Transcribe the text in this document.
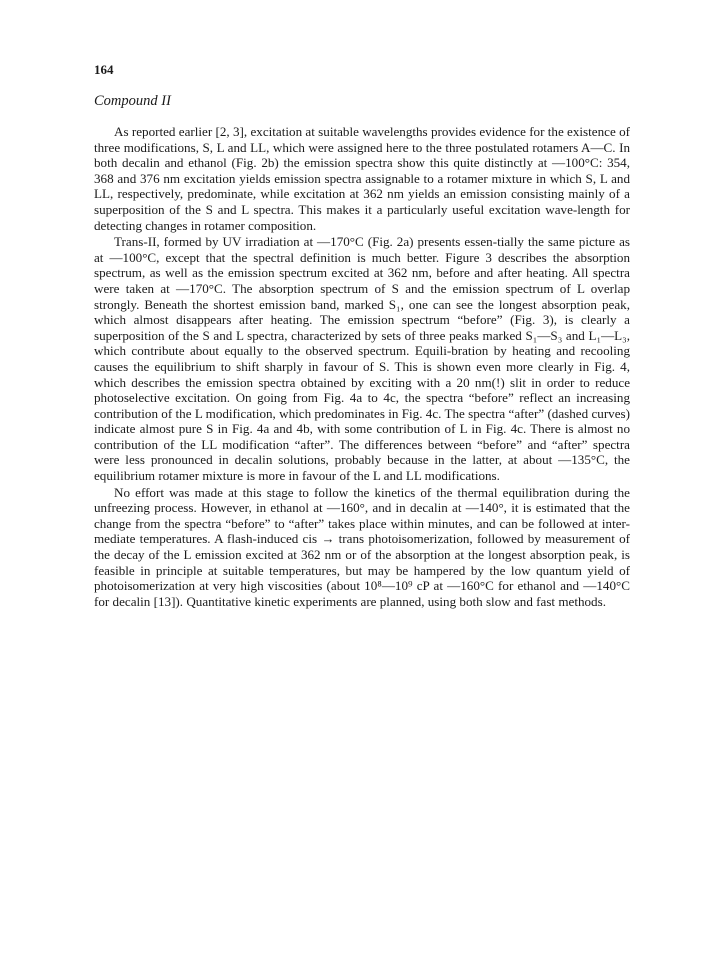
164
Compound II

As reported earlier [2, 3], excitation at suitable wavelengths provides evidence for the existence of three modifications, S, L and LL, which were assigned here to the three postulated rotamers A—C. In both decalin and ethanol (Fig. 2b) the emission spectra show this quite distinctly at —100°C: 354, 368 and 376 nm excitation yields emission spectra assignable to a rotamer mixture in which S, L and LL, respectively, predominate, while excitation at 362 nm yields an emission consisting mainly of a superposition of the S and L spectra. This makes it a particularly useful excitation wave-length for detecting changes in rotamer composition.

Trans-II, formed by UV irradiation at —170°C (Fig. 2a) presents essen-tially the same picture as at —100°C, except that the spectral definition is much better. Figure 3 describes the absorption spectrum, as well as the emission spectrum excited at 362 nm, before and after heating. All spectra were taken at —170°C. The absorption spectrum of S and the emission spectrum of L overlap strongly. Beneath the shortest emission band, marked S₁, one can see the longest absorption peak, which almost disappears after heating. The emission spectrum “before” (Fig. 3), is clearly a superposition of the S and L spectra, characterized by sets of three peaks marked S₁—S₃ and L₁—L₃, which contribute about equally to the observed spectrum. Equili-bration by heating and recooling causes the equilibrium to shift sharply in favour of S. This is shown even more clearly in Fig. 4, which describes the emission spectra obtained by exciting with a 20 nm(!) slit in order to reduce photoselective excitation. On going from Fig. 4a to 4c, the spectra “before” reflect an increasing contribution of the L modification, which predominates in Fig. 4c. The spectra “after” (dashed curves) indicate almost pure S in Fig. 4a and 4b, with some contribution of L in Fig. 4c. There is almost no contribution of the LL modification “after”. The differences between “before” and “after” spectra were less pronounced in decalin solutions, probably because in the latter, at about —135°C, the equilibrium rotamer mixture is more in favour of the L and LL modifications.

No effort was made at this stage to follow the kinetics of the thermal equilibration during the unfreezing process. However, in ethanol at —160°, and in decalin at —140°, it is estimated that the change from the spectra “before” to “after” takes place within minutes, and can be followed at inter-mediate temperatures. A flash-induced cis → trans photoisomerization, followed by measurement of the decay of the L emission excited at 362 nm or of the absorption at the longest absorption peak, is feasible in principle at suitable temperatures, but may be hampered by the low quantum yield of photoisomerization at very high viscosities (about 10⁸—10⁹ cP at —160°C for ethanol and —140°C for decalin [13]). Quantitative kinetic experiments are planned, using both slow and fast methods.
